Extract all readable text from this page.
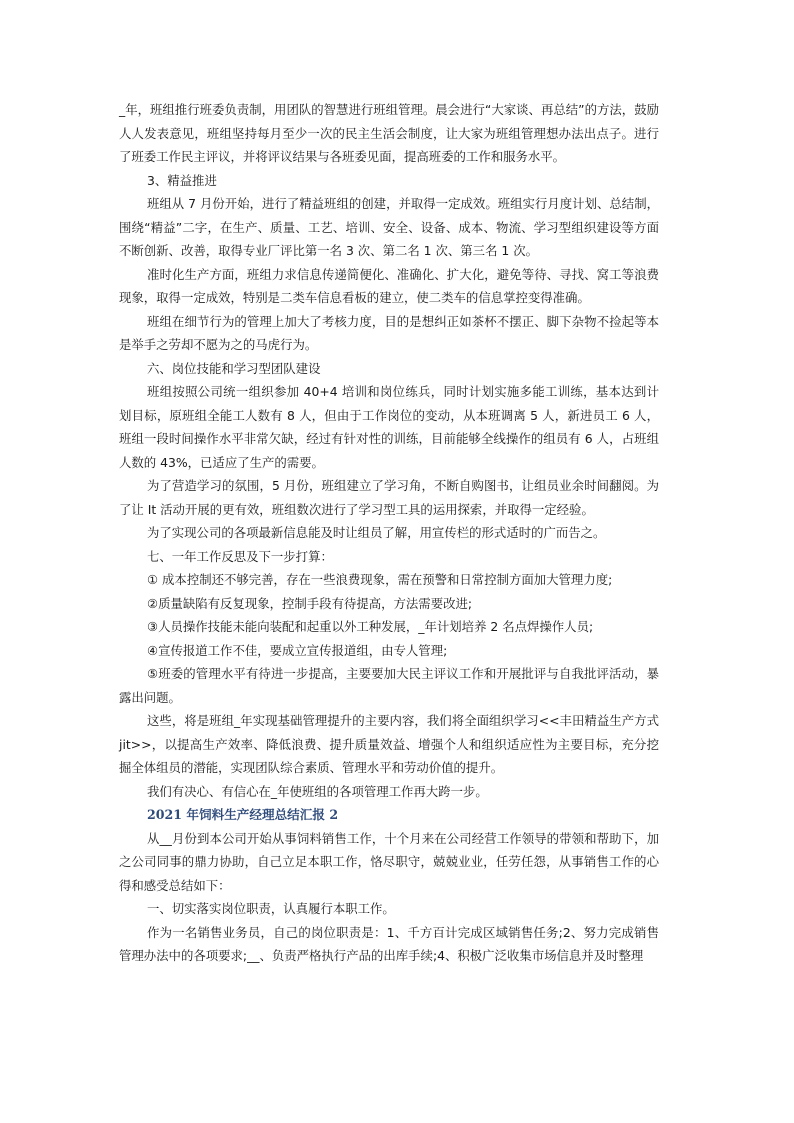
_年，班组推行班委负责制，用团队的智慧进行班组管理。晨会进行“大家谈、再总结”的方法，鼓励人人发表意见，班组坚持每月至少一次的民主生活会制度，让大家为班组管理想办法出点子。进行了班委工作民主评议，并将评议结果与各班委见面，提高班委的工作和服务水平。

3、精益推进

班组从 7 月份开始，进行了精益班组的创建，并取得一定成效。班组实行月度计划、总结制，围绕“精益”二字，在生产、质量、工艺、培训、安全、设备、成本、物流、学习型组织建设等方面不断创新、改善，取得专业厂评比第一名 3 次、第二名 1 次、第三名 1 次。

准时化生产方面，班组力求信息传递简便化、准确化、扩大化，避免等待、寻找、窝工等浪费现象，取得一定成效，特别是二类车信息看板的建立，使二类车的信息掌控变得准确。

班组在细节行为的管理上加大了考核力度，目的是想纠正如茶杯不摆正、脚下杂物不捡起等本是举手之劳却不愿为之的马虎行为。

六、岗位技能和学习型团队建设

班组按照公司统一组织参加 40+4 培训和岗位练兵，同时计划实施多能工训练，基本达到计划目标，原班组全能工人数有 8 人，但由于工作岗位的变动，从本班调离 5 人，新进员工 6 人，班组一段时间操作水平非常欠缺，经过有针对性的训练，目前能够全线操作的组员有 6 人，占班组人数的 43%，已适应了生产的需要。

为了营造学习的氛围，5 月份，班组建立了学习角，不断自购图书，让组员业余时间翻阅。为了让 It 活动开展的更有效，班组数次进行了学习型工具的运用探索，并取得一定经验。

为了实现公司的各项最新信息能及时让组员了解，用宣传栏的形式适时的广而告之。

七、一年工作反思及下一步打算：

① 成本控制还不够完善，存在一些浪费现象，需在预警和日常控制方面加大管理力度;

②质量缺陷有反复现象，控制手段有待提高，方法需要改进;

③人员操作技能未能向装配和起重以外工种发展，_年计划培养 2 名点焊操作人员;

④宣传报道工作不佳，要成立宣传报道组，由专人管理;

⑤班委的管理水平有待进一步提高，主要要加大民主评议工作和开展批评与自我批评活动，暴露出问题。

这些，将是班组_年实现基础管理提升的主要内容，我们将全面组织学习<<丰田精益生产方式 jit>>，以提高生产效率、降低浪费、提升质量效益、增强个人和组织适应性为主要目标，充分挖掘全体组员的潜能，实现团队综合素质、管理水平和劳动价值的提升。

我们有决心、有信心在_年使班组的各项管理工作再大跨一步。

2021 年饲料生产经理总结汇报 2

从__月份到本公司开始从事饲料销售工作，十个月来在公司经营工作领导的带领和帮助下，加之公司同事的鼎力协助，自己立足本职工作，恪尽职守，兢兢业业，任劳任怨，从事销售工作的心得和感受总结如下：

一、切实落实岗位职责，认真履行本职工作。

作为一名销售业务员，自己的岗位职责是：1、千方百计完成区域销售任务;2、努力完成销售管理办法中的各项要求;__、负责严格执行产品的出库手续;4、积极广泛收集市场信息并及时整理
